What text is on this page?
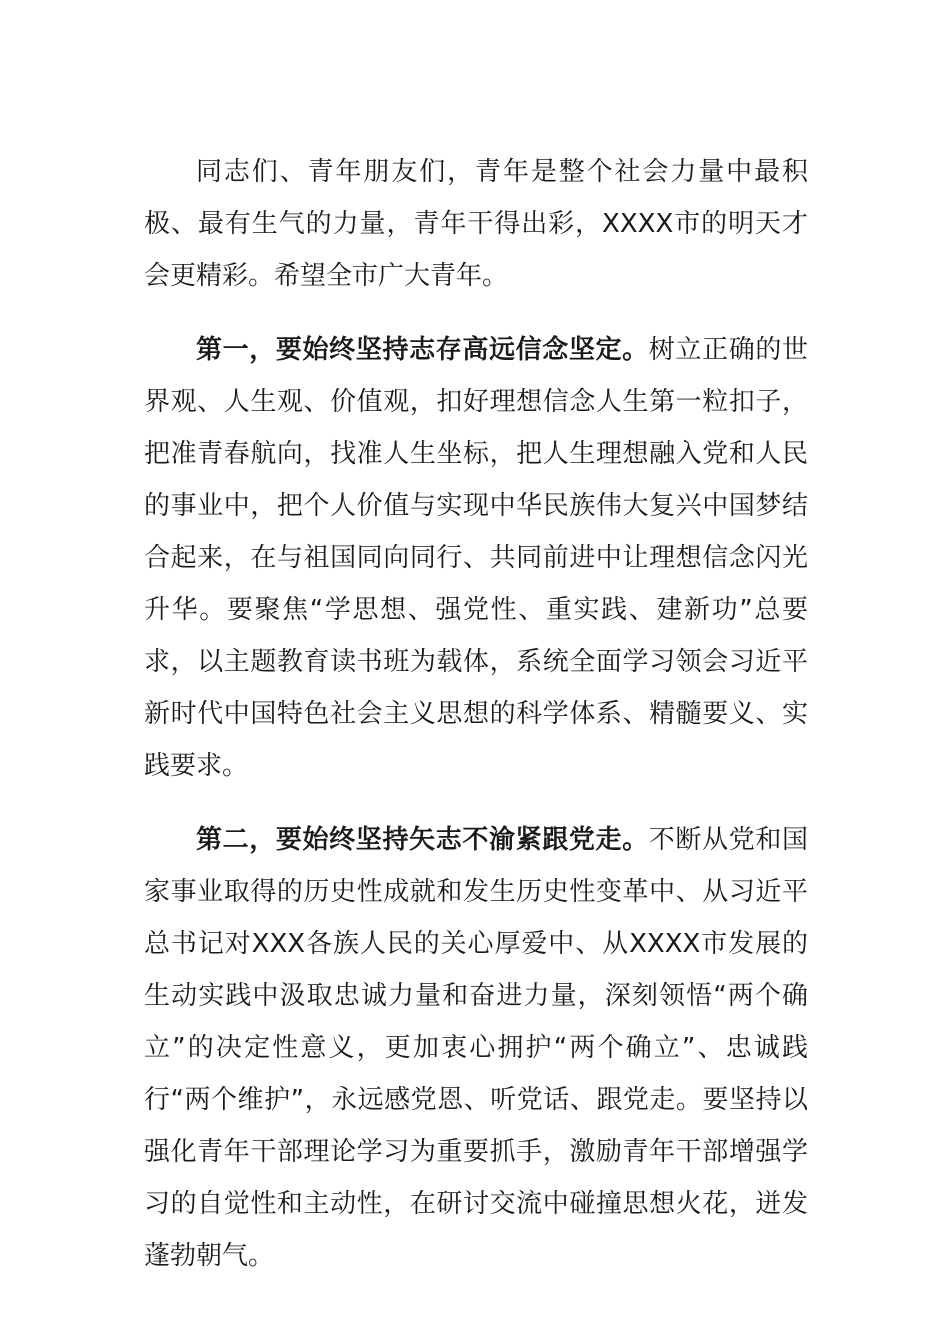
同志们、青年朋友们，青年是整个社会力量中最积极、最有生气的力量，青年干得出彩，XXXX市的明天才会更精彩。希望全市广大青年。

第一，要始终坚持志存高远信念坚定。树立正确的世界观、人生观、价值观，扣好理想信念人生第一粒扣子，把准青春航向，找准人生坐标，把人生理想融入党和人民的事业中，把个人价值与实现中华民族伟大复兴中国梦结合起来，在与祖国同向同行、共同前进中让理想信念闪光升华。要聚焦“学思想、强党性、重实践、建新功”总要求，以主题教育读书班为载体，系统全面学习领会习近平新时代中国特色社会主义思想的科学体系、精髓要义、实践要求。

第二，要始终坚持矢志不渝紧跟党走。不断从党和国家事业取得的历史性成就和发生历史性变革中、从习近平总书记对XXX各族人民的关心厚爱中、从XXXX市发展的生动实践中汲取忠诚力量和奋进力量，深刻领悟“两个确立”的决定性意义，更加衷心拥护“两个确立”、忠诚践行“两个维护”，永远感党恩、听党话、跟党走。要坚持以强化青年干部理论学习为重要抓手，激励青年干部增强学习的自觉性和主动性，在研讨交流中碰撞思想火花，迸发蓬勃朝气。
